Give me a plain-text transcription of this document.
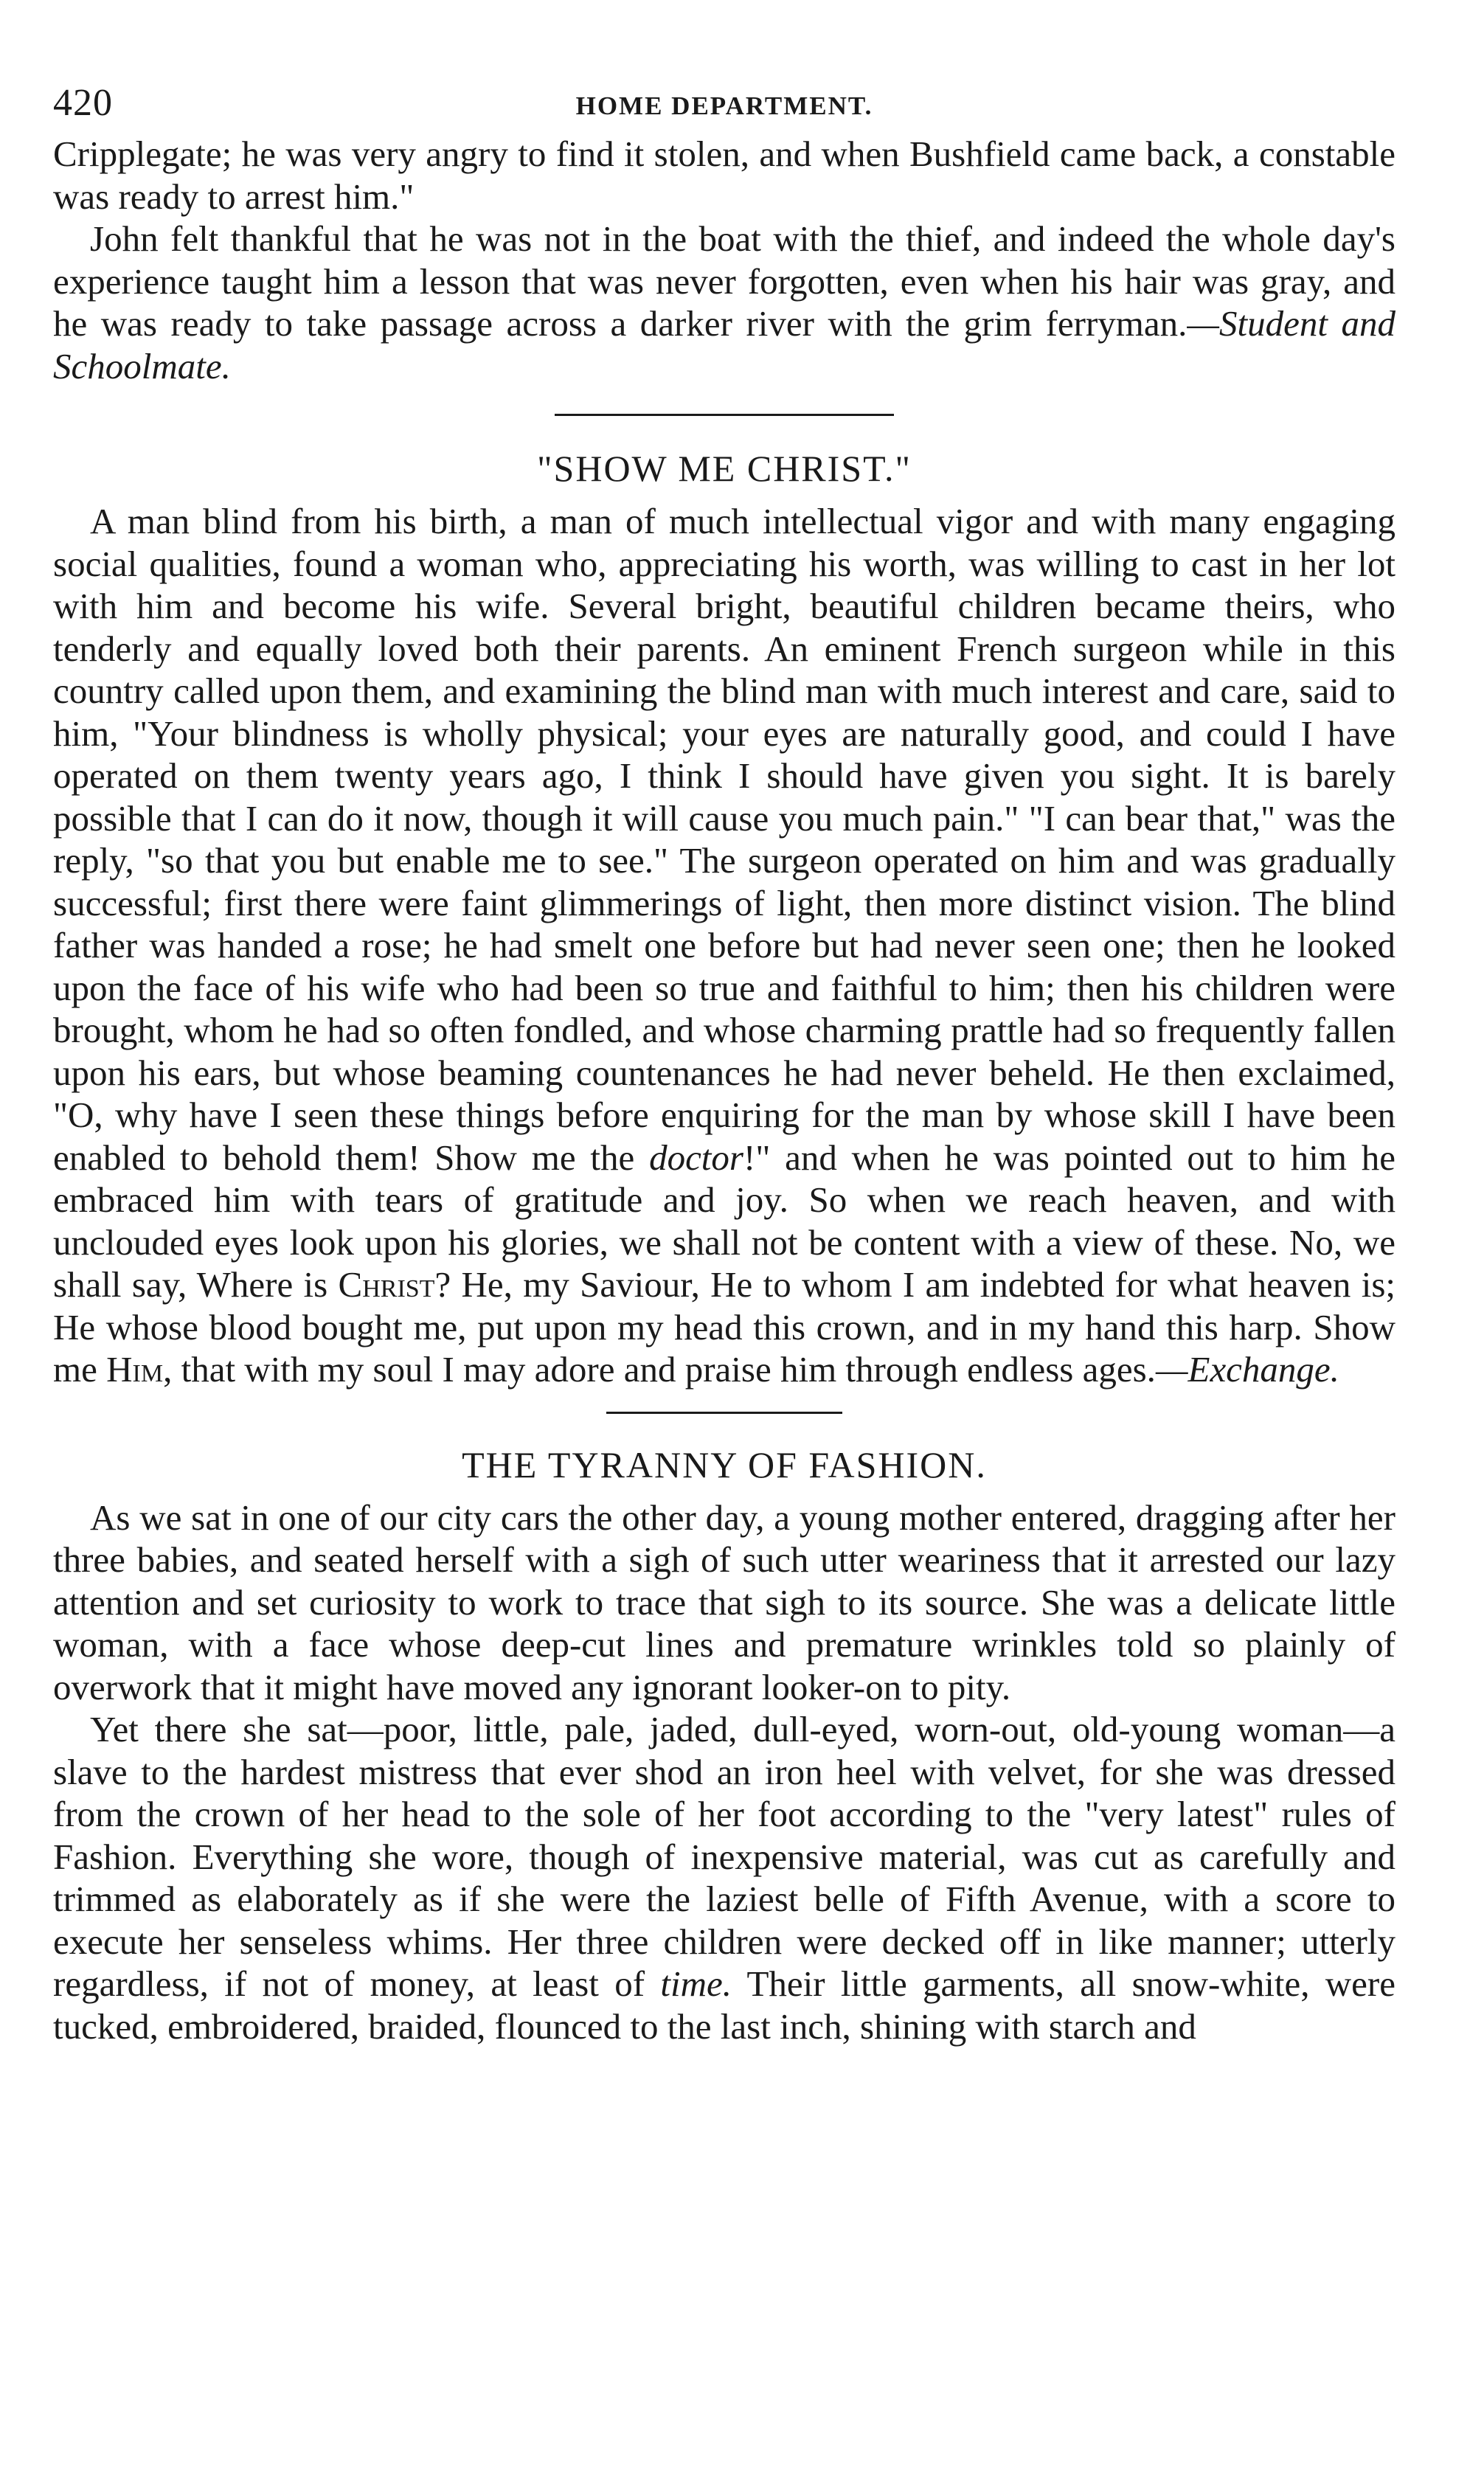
420	HOME DEPARTMENT.

Cripplegate; he was very angry to find it stolen, and when Bushfield came back, a constable was ready to arrest him."

John felt thankful that he was not in the boat with the thief, and indeed the whole day's experience taught him a lesson that was never forgotten, even when his hair was gray, and he was ready to take passage across a darker river with the grim ferryman.—Student and Schoolmate.

"SHOW ME CHRIST."

A man blind from his birth, a man of much intellectual vigor and with many engaging social qualities, found a woman who, appreciating his worth, was willing to cast in her lot with him and become his wife. Several bright, beautiful children became theirs, who tenderly and equally loved both their parents. An eminent French surgeon while in this country called upon them, and examining the blind man with much interest and care, said to him, "Your blindness is wholly physical; your eyes are naturally good, and could I have operated on them twenty years ago, I think I should have given you sight. It is barely possible that I can do it now, though it will cause you much pain." "I can bear that," was the reply, "so that you but enable me to see." The surgeon operated on him and was gradually successful; first there were faint glimmerings of light, then more distinct vision. The blind father was handed a rose; he had smelt one before but had never seen one; then he looked upon the face of his wife who had been so true and faithful to him; then his children were brought, whom he had so often fondled, and whose charming prattle had so frequently fallen upon his ears, but whose beaming countenances he had never beheld. He then exclaimed, "O, why have I seen these things before enquiring for the man by whose skill I have been enabled to behold them! Show me the doctor!" and when he was pointed out to him he embraced him with tears of gratitude and joy. So when we reach heaven, and with unclouded eyes look upon his glories, we shall not be content with a view of these. No, we shall say, Where is Christ? He, my Saviour, He to whom I am indebted for what heaven is; He whose blood bought me, put upon my head this crown, and in my hand this harp. Show me Him, that with my soul I may adore and praise him through endless ages.—Exchange.

THE TYRANNY OF FASHION.

As we sat in one of our city cars the other day, a young mother entered, dragging after her three babies, and seated herself with a sigh of such utter weariness that it arrested our lazy attention and set curiosity to work to trace that sigh to its source. She was a delicate little woman, with a face whose deep-cut lines and premature wrinkles told so plainly of overwork that it might have moved any ignorant looker-on to pity.

Yet there she sat—poor, little, pale, jaded, dull-eyed, worn-out, old-young woman—a slave to the hardest mistress that ever shod an iron heel with velvet, for she was dressed from the crown of her head to the sole of her foot according to the "very latest" rules of Fashion. Everything she wore, though of inexpensive material, was cut as carefully and trimmed as elaborately as if she were the laziest belle of Fifth Avenue, with a score to execute her senseless whims. Her three children were decked off in like manner; utterly regardless, if not of money, at least of time. Their little garments, all snow-white, were tucked, embroidered, braided, flounced to the last inch, shining with starch and
